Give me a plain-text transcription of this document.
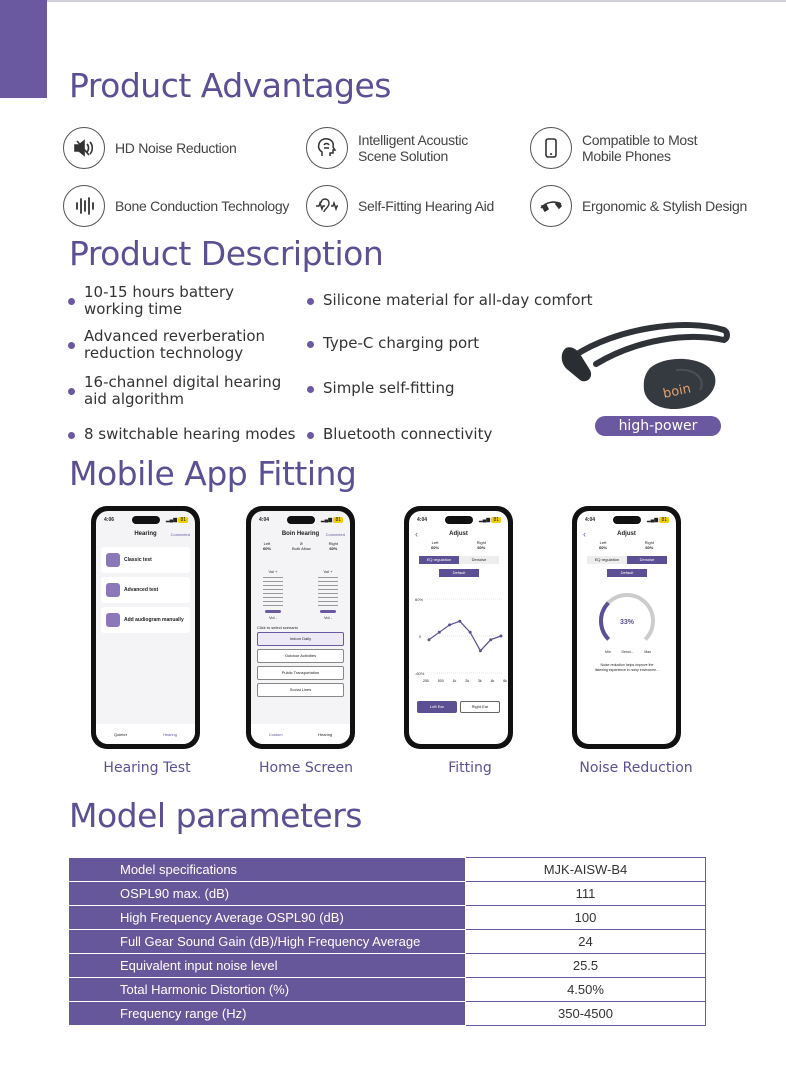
Product Advantages
HD Noise Reduction	Intelligent Acoustic Scene Solution
Compatible to Most Mobile Phones
Bone Conduction Technology	Self-Fitting Hearing Aid	Ergonomic & Stylish Design
Product Description
10-15 hours battery working time
Advanced reverberation reduction technology
16-channel digital hearing aid algorithm
8 switchable hearing modes
Silicone material for all-day comfort
Type-C charging port
Simple self-fitting
Bluetooth connectivity
boin
high-power
Mobile App Fitting
4:06	▂▄▆ 81
Hearing	Connected
Classic test
Advanced test
Add audiogram manually
Quieter	Hearing
4:04	▂▄▆ 81
Boin Hearing	Connected
Left
60%
⊘
Both Allow
Right
60%
Vol +
Vol -
Vol +
Vol -
Click to select scenario
Indoor Daily
Outdoor Activities
Public Transportation
Social Lines
Custom	Hearing
4:04	▂▄▆ 81
‹	Adjust
Left
60%
Right
60%
EQ regulation	Denoise
Default
60%
0
-60%
250	500	1k	2k	3k	4k	6k
Left Ear	Right Ear
4:04	▂▄▆ 81
‹	Adjust
Left
60%
Right
60%
EQ regulation	Denoise
Default
33%
Min	Denoi...	Max
Noise reduction helps improve the listening experience in noisy environme...
Hearing Test	Home Screen	Fitting	Noise Reduction
Model parameters
Model specifications	MJK-AISW-B4
OSPL90 max. (dB)	111
High Frequency Average OSPL90 (dB)	100
Full Gear Sound Gain (dB)/High Frequency Average	24
Equivalent input noise level	25.5
Total Harmonic Distortion (%)	4.50%
Frequency range (Hz)	350-4500
